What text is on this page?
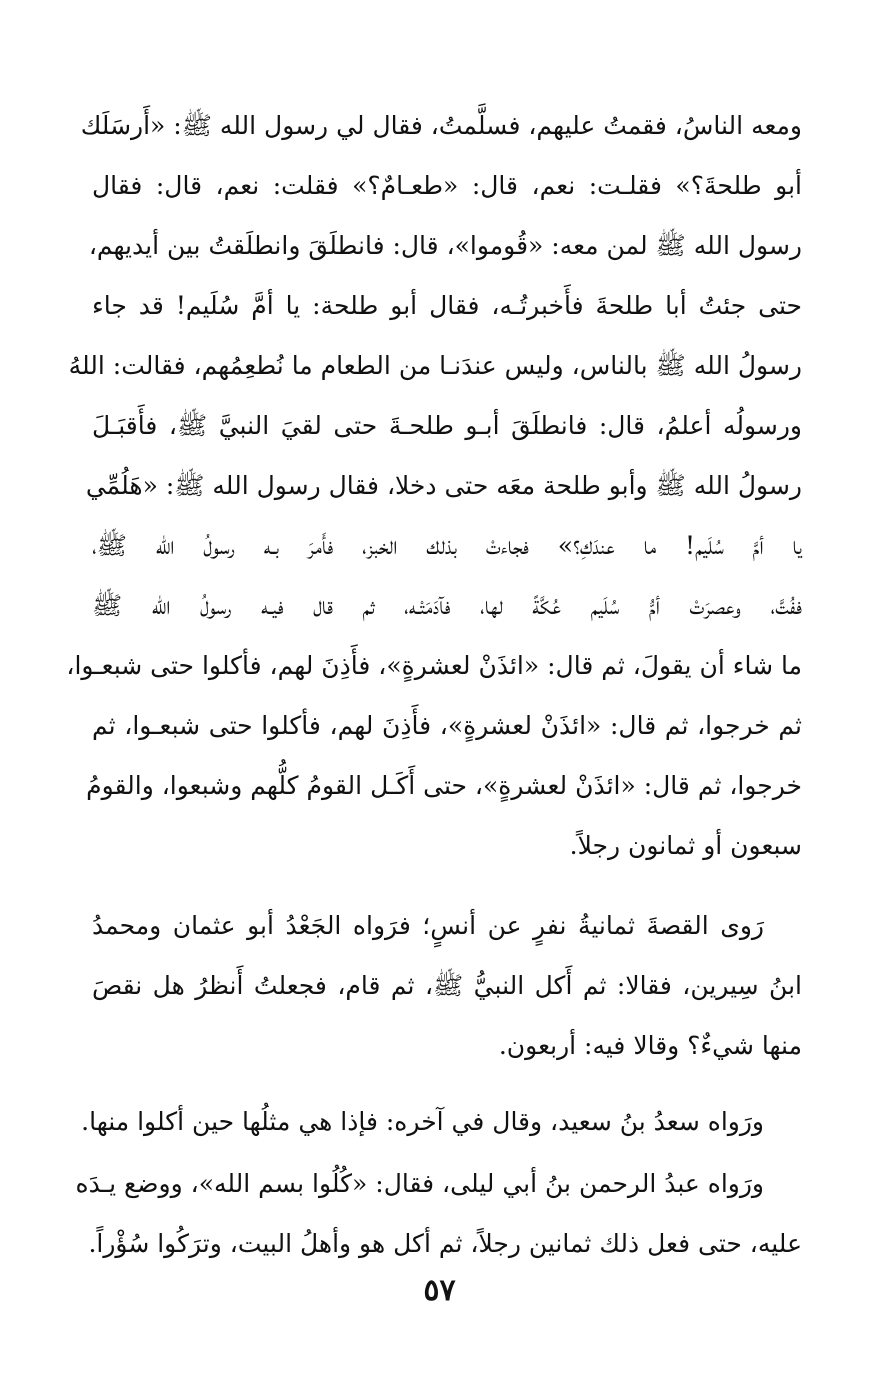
ومعه الناسُ، فقمتُ عليهم، فسلَّمتُ، فقال لي رسول الله ﷺ: «أَرسَلَك
أبو طلحةَ؟» فقلـت: نعم، قال: «طعـامٌ؟» فقلت: نعم، قال: فقال
رسول الله ﷺ لمن معه: «قُوموا»، قال: فانطلَقَ وانطلَقتُ بين أيديهم،
حتى جئتُ أبا طلحةَ فأَخبرتُـه، فقال أبو طلحة: يا أمَّ سُلَيم! قد جاء
رسولُ الله ﷺ بالناس، وليس عندَنـا من الطعام ما نُطعِمُهم، فقالت: اللهُ
ورسولُه أعلمُ، قال: فانطلَقَ أبـو طلحـةَ حتى لقيَ النبيَّ ﷺ، فأَقبَـلَ
رسولُ الله ﷺ وأبو طلحة معَه حتى دخلا، فقال رسول الله ﷺ: «هَلُمِّي
يا أمَّ سُلَيم! ما عندَكِ؟» فجاءتْ بذلك الخبز، فأَمرَ بـه رسولُ الله ﷺ،
ففُتَّ، وعصرَتْ أمُّ سُلَيم عُكَّةً لها، فآدَمَتْـه، ثم قال فيـه رسولُ الله ﷺ
ما شاء أن يقولَ، ثم قال: «ائذَنْ لعشرةٍ»، فأَذِنَ لهم، فأكلوا حتى شبعـوا،
ثم خرجوا، ثم قال: «ائذَنْ لعشرةٍ»، فأَذِنَ لهم، فأكلوا حتى شبعـوا، ثم
خرجوا، ثم قال: «ائذَنْ لعشرةٍ»، حتى أَكَـل القومُ كلُّهم وشبعوا، والقومُ
سبعون أو ثمانون رجلاً.
رَوى القصةَ ثمانيةُ نفرٍ عن أنسٍ؛ فرَواه الجَعْدُ أبو عثمان ومحمدُ
ابنُ سِيرين، فقالا: ثم أَكل النبيُّ ﷺ، ثم قام، فجعلتُ أَنظرُ هل نقصَ
منها شيءٌ؟ وقالا فيه: أربعون.
ورَواه سعدُ بنُ سعيد، وقال في آخره: فإذا هي مثلُها حين أكلوا منها.
ورَواه عبدُ الرحمن بنُ أبي ليلى، فقال: «كُلُوا بسم الله»، ووضع يـدَه
عليه، حتى فعل ذلك ثمانين رجلاً، ثم أكل هو وأهلُ البيت، وترَكُوا سُؤْراً.
٥٧
